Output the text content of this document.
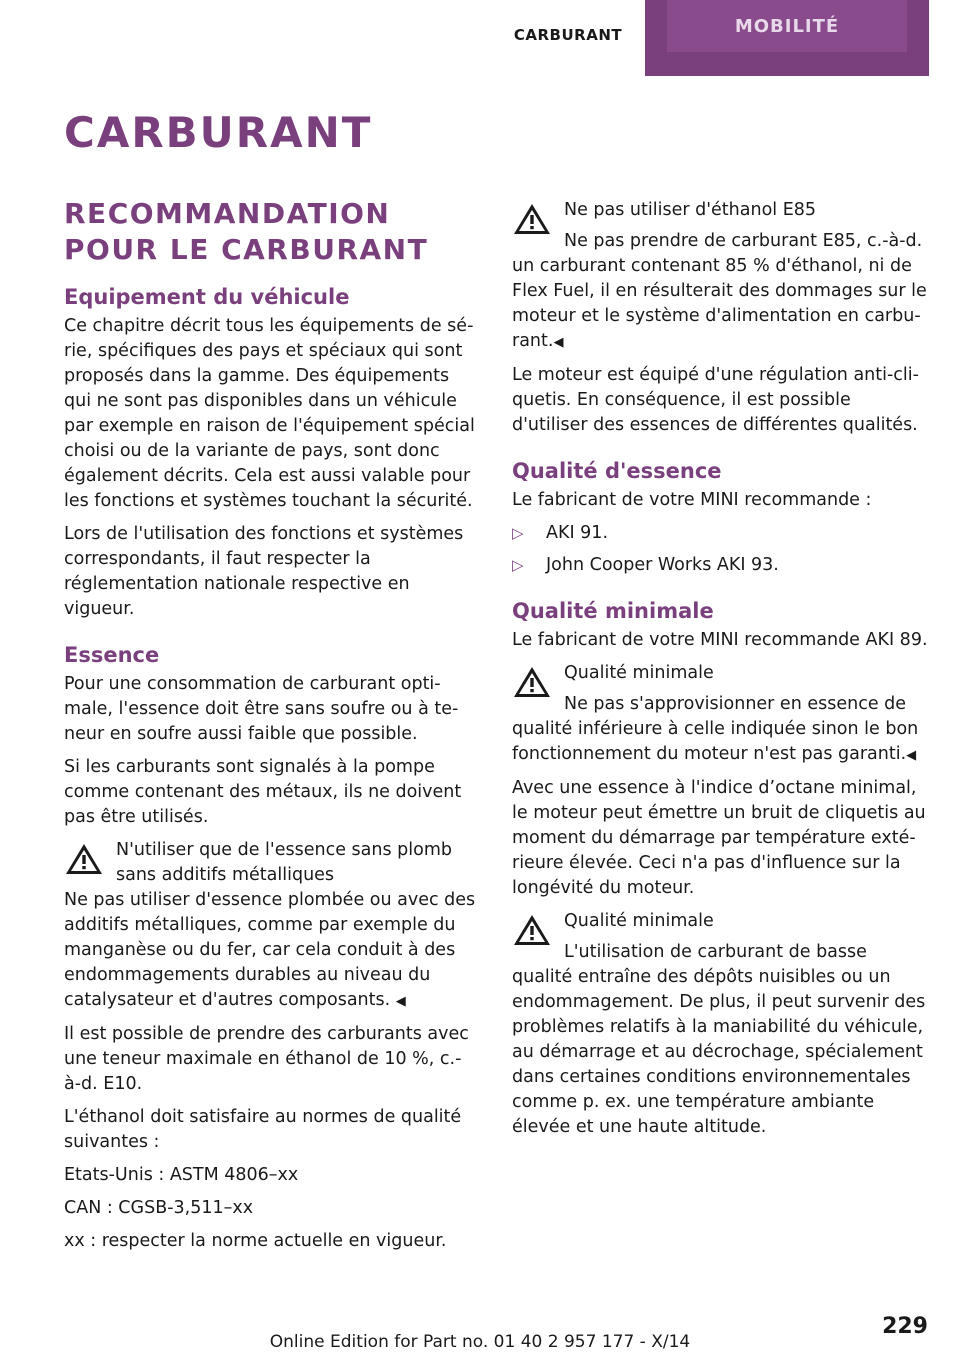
CARBURANT	MOBILITÉ
CARBURANT
RECOMMANDATION POUR LE CARBURANT
Equipement du véhicule

Ce chapitre décrit tous les équipements de série, spécifiques des pays et spéciaux qui sont proposés dans la gamme. Des équipements qui ne sont pas disponibles dans un véhicule par exemple en raison de l'équipement spécial choisi ou de la variante de pays, sont donc également décrits. Cela est aussi valable pour les fonctions et systèmes touchant la sécurité.

Lors de l'utilisation des fonctions et systèmes correspondants, il faut respecter la réglementation nationale respective en vigueur.

Essence

Pour une consommation de carburant optimale, l'essence doit être sans soufre ou à teneur en soufre aussi faible que possible.

Si les carburants sont signalés à la pompe comme contenant des métaux, ils ne doivent pas être utilisés.

N'utiliser que de l'essence sans plomb sans additifs métalliques

Ne pas utiliser d'essence plombée ou avec des additifs métalliques, comme par exemple du manganèse ou du fer, car cela conduit à des endommagements durables au niveau du catalysateur et d'autres composants. ◀

Il est possible de prendre des carburants avec une teneur maximale en éthanol de 10 %, c.-à-d. E10.

L'éthanol doit satisfaire au normes de qualité suivantes :

Etats-Unis : ASTM 4806–xx

CAN : CGSB-3,511–xx

xx : respecter la norme actuelle en vigueur.

Ne pas utiliser d'éthanol E85

Ne pas prendre de carburant E85, c.-à-d. un carburant contenant 85 % d'éthanol, ni de Flex Fuel, il en résulterait des dommages sur le moteur et le système d'alimentation en carburant.◀

Le moteur est équipé d'une régulation anti-cliquetis. En conséquence, il est possible d'utiliser des essences de différentes qualités.

Qualité d'essence

Le fabricant de votre MINI recommande :

▷ AKI 91.
▷ John Cooper Works AKI 93.
Qualité minimale

Le fabricant de votre MINI recommande AKI 89.

Qualité minimale

Ne pas s'approvisionner en essence de qualité inférieure à celle indiquée sinon le bon fonctionnement du moteur n'est pas garanti.◀

Avec une essence à l'indice d’octane minimal, le moteur peut émettre un bruit de cliquetis au moment du démarrage par température extérieure élevée. Ceci n'a pas d'influence sur la longévité du moteur.

Qualité minimale

L'utilisation de carburant de basse qualité entraîne des dépôts nuisibles ou un endommagement. De plus, il peut survenir des problèmes relatifs à la maniabilité du véhicule, au démarrage et au décrochage, spécialement dans certaines conditions environnementales comme p. ex. une température ambiante élevée et une haute altitude.

229
Online Edition for Part no. 01 40 2 957 177 - X/14
